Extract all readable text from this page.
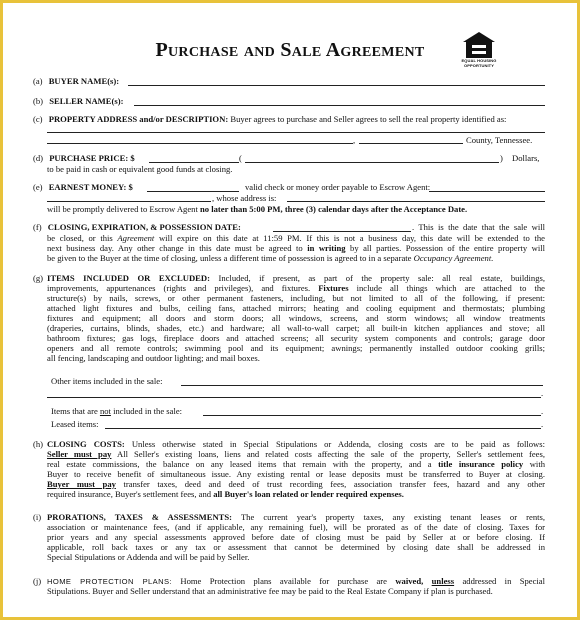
Purchase and Sale Agreement	EQUAL HOUSING
OPPORTUNITY
(a) BUYER NAME(s):
(b) SELLER NAME(s):
(c) PROPERTY ADDRESS and/or DESCRIPTION: Buyer agrees to purchase and Seller agrees to sell the real property identified as:
,	County, Tennessee.
(d) PURCHASE PRICE: $	(	)	Dollars,
to be paid in cash or equivalent good funds at closing.
(e) EARNEST MONEY: $	valid check or money order payable to Escrow Agent:
, whose address is:
will be promptly delivered to Escrow Agent no later than 5:00 PM, three (3) calendar days after the Acceptance Date.
(f) CLOSING, EXPIRATION, & POSSESSION DATE:	. This is the date that the sale will
be closed, or this Agreement will expire on this date at 11:59 PM. If this is not a business day, this date will be extended to the
next business day. Any other change in this date must be agreed to in writing by all parties. Possession of the entire property will
be given to the Buyer at the time of closing, unless a different time of possession is agreed to in a separate Occupancy Agreement.
(g) ITEMS INCLUDED OR EXCLUDED: Included, if present, as part of the property sale: all real estate, buildings,
improvements, appurtenances (rights and privileges), and fixtures. Fixtures include all things which are attached to the
structure(s) by nails, screws, or other permanent fasteners, including, but not limited to all of the following, if present:
attached light fixtures and bulbs, ceiling fans, attached mirrors; heating and cooling equipment and thermostats; plumbing
fixtures and equipment; all doors and storm doors; all windows, screens, and storm windows; all window treatments
(draperies, curtains, blinds, shades, etc.) and hardware; all wall-to-wall carpet; all built-in kitchen appliances and stove; all
bathroom fixtures; gas logs, fireplace doors and attached screens; all security system components and controls; garage door
openers and all remote controls; swimming pool and its equipment; awnings; permanently installed outdoor cooking grills;
all fencing, landscaping and outdoor lighting; and mail boxes.
Other items included in the sale:
.
Items that are not included in the sale:	.
Leased items:	.
(h) CLOSING COSTS: Unless otherwise stated in Special Stipulations or Addenda, closing costs are to be paid as follows:
Seller must pay All Seller's existing loans, liens and related costs affecting the sale of the property, Seller's settlement fees,
real estate commissions, the balance on any leased items that remain with the property, and a title insurance policy with
Buyer to receive benefit of simultaneous issue. Any existing rental or lease deposits must be transferred to Buyer at closing.
Buyer must pay transfer taxes, deed and deed of trust recording fees, association transfer fees, hazard and any other
required insurance, Buyer's settlement fees, and all Buyer's loan related or lender required expenses.
(i) PRORATIONS, TAXES & ASSESSMENTS: The current year's property taxes, any existing tenant leases or rents,
association or maintenance fees, (and if applicable, any remaining fuel), will be prorated as of the date of closing. Taxes for
prior years and any special assessments approved before date of closing must be paid by Seller at or before closing. If
applicable, roll back taxes or any tax or assessment that cannot be determined by closing date shall be addressed in
Special Stipulations or Addenda and will be paid by Seller.
(j) HOME PROTECTION PLANS: Home Protection plans available for purchase are waived, unless addressed in Special
Stipulations. Buyer and Seller understand that an administrative fee may be paid to the Real Estate Company if plan is purchased.
